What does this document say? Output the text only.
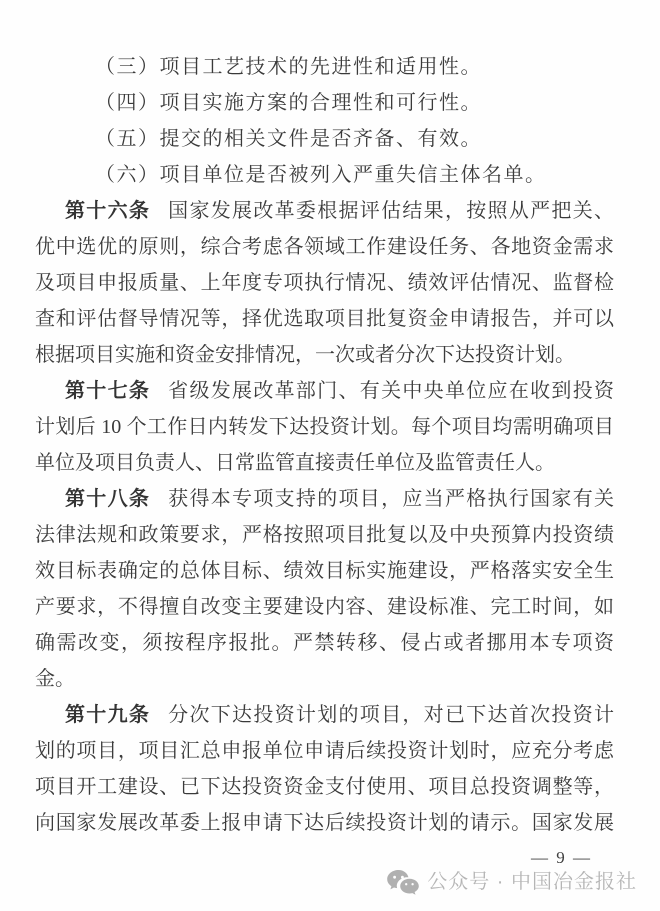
（三）项目工艺技术的先进性和适用性。
（四）项目实施方案的合理性和可行性。
（五）提交的相关文件是否齐备、有效。
（六）项目单位是否被列入严重失信主体名单。
第十六条 国家发展改革委根据评估结果，按照从严把关、
优中选优的原则，综合考虑各领域工作建设任务、各地资金需求
及项目申报质量、上年度专项执行情况、绩效评估情况、监督检
查和评估督导情况等，择优选取项目批复资金申请报告，并可以
根据项目实施和资金安排情况，一次或者分次下达投资计划。
第十七条 省级发展改革部门、有关中央单位应在收到投资
计划后 10 个工作日内转发下达投资计划。每个项目均需明确项目
单位及项目负责人、日常监管直接责任单位及监管责任人。
第十八条 获得本专项支持的项目，应当严格执行国家有关
法律法规和政策要求，严格按照项目批复以及中央预算内投资绩
效目标表确定的总体目标、绩效目标实施建设，严格落实安全生
产要求，不得擅自改变主要建设内容、建设标准、完工时间，如
确需改变，须按程序报批。严禁转移、侵占或者挪用本专项资
金。
第十九条 分次下达投资计划的项目，对已下达首次投资计
划的项目，项目汇总申报单位申请后续投资计划时，应充分考虑
项目开工建设、已下达投资资金支付使用、项目总投资调整等，
向国家发展改革委上报申请下达后续投资计划的请示。国家发展
— 9 —
公众号 · 中国冶金报社
